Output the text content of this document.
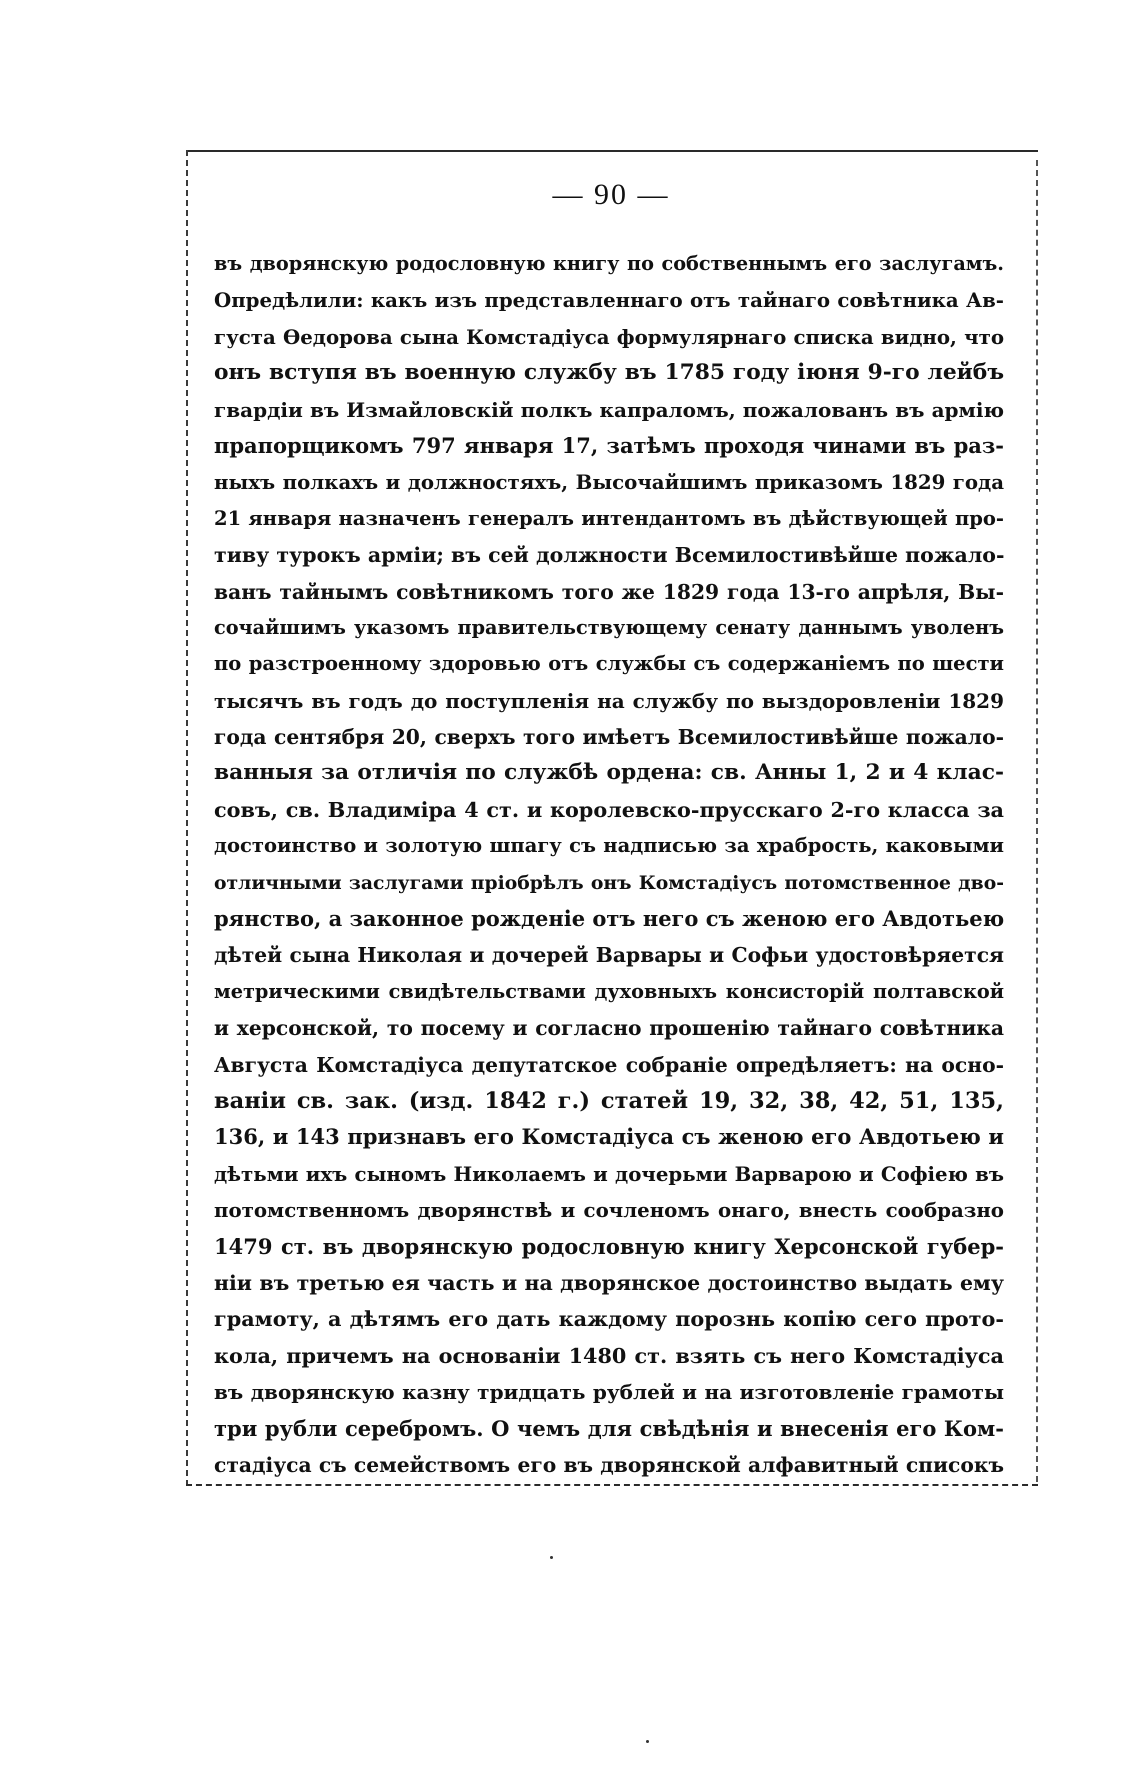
— 90 —
въ дворянскую родословную книгу по собственнымъ его заслугамъ.
Опредѣлили: какъ изъ представленнаго отъ тайнаго совѣтника Ав-
густа Ѳедорова сына Комстадіуса формулярнаго списка видно, что
онъ вступя въ военную службу въ 1785 году іюня 9-го лейбъ
гвардіи въ Измайловскій полкъ капраломъ, пожалованъ въ армію
прапорщикомъ 797 января 17, затѣмъ проходя чинами въ раз-
ныхъ полкахъ и должностяхъ, Высочайшимъ приказомъ 1829 года
21 января назначенъ генералъ интендантомъ въ дѣйствующей про-
тиву турокъ арміи; въ сей должности Всемилостивѣйше пожало-
ванъ тайнымъ совѣтникомъ того же 1829 года 13-го апрѣля, Вы-
сочайшимъ указомъ правительствующему сенату даннымъ уволенъ
по разстроенному здоровью отъ службы съ содержаніемъ по шести
тысячъ въ годъ до поступленія на службу по выздоровленіи 1829
года сентября 20, сверхъ того имѣетъ Всемилостивѣйше пожало-
ванныя за отличія по службѣ ордена: св. Анны 1, 2 и 4 клас-
совъ, св. Владиміра 4 ст. и королевско-прусскаго 2-го класса за
достоинство и золотую шпагу съ надписью за храбрость, каковыми
отличными заслугами пріобрѣлъ онъ Комстадіусъ потомственное дво-
рянство, а законное рожденіе отъ него съ женою его Авдотьею
дѣтей сына Николая и дочерей Варвары и Софьи удостовѣряется
метрическими свидѣтельствами духовныхъ консисторій полтавской
и херсонской, то посему и согласно прошенію тайнаго совѣтника
Августа Комстадіуса депутатское собраніе опредѣляетъ: на осно-
ваніи св. зак. (изд. 1842 г.) статей 19, 32, 38, 42, 51, 135,
136, и 143 признавъ его Комстадіуса съ женою его Авдотьею и
дѣтьми ихъ сыномъ Николаемъ и дочерьми Варварою и Софіею въ
потомственномъ дворянствѣ и сочленомъ онаго, внесть сообразно
1479 ст. въ дворянскую родословную книгу Херсонской губер-
ніи въ третью ея часть и на дворянское достоинство выдать ему
грамоту, а дѣтямъ его дать каждому порознь копію сего прото-
кола, причемъ на основаніи 1480 ст. взять съ него Комстадіуса
въ дворянскую казну тридцать рублей и на изготовленіе грамоты
три рубли серебромъ. О чемъ для свѣдѣнія и внесенія его Ком-
стадіуса съ семействомъ его въ дворянской алфавитный списокъ
